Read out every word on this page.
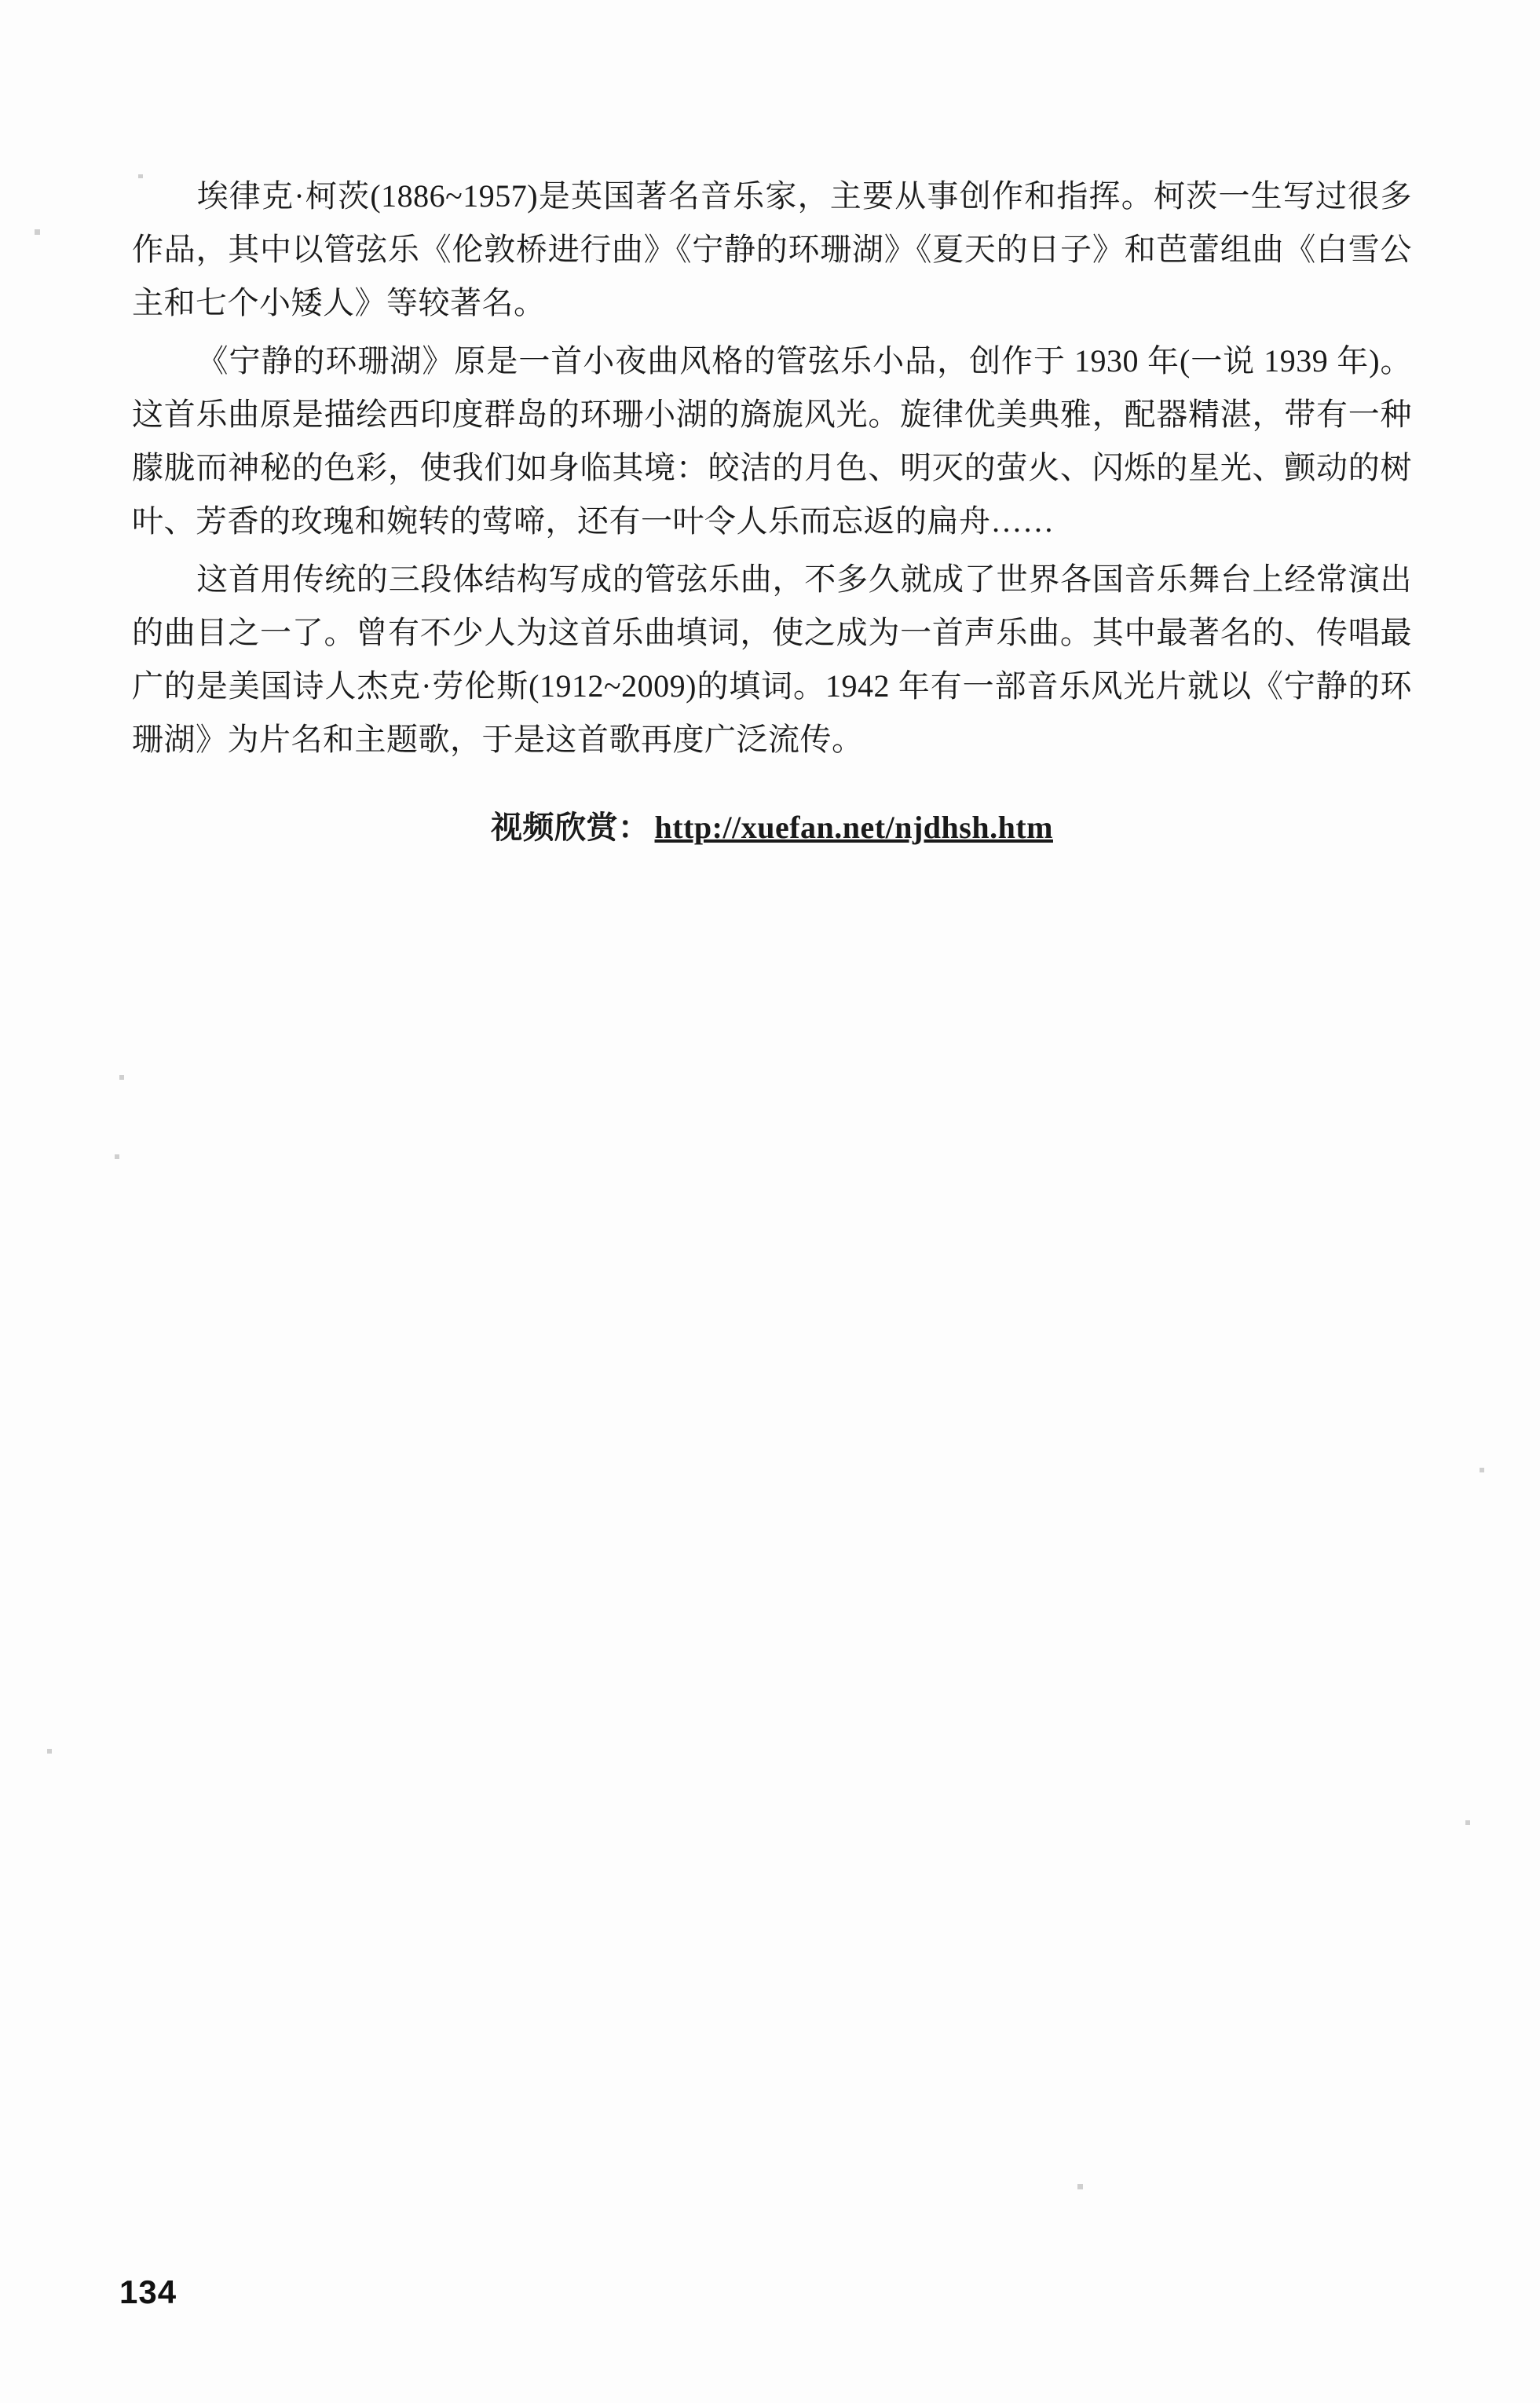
埃律克·柯茨(1886~1957)是英国著名音乐家，主要从事创作和指挥。柯茨一生写过很多作品，其中以管弦乐《伦敦桥进行曲》《宁静的环珊湖》《夏天的日子》和芭蕾组曲《白雪公主和七个小矮人》等较著名。

《宁静的环珊湖》原是一首小夜曲风格的管弦乐小品，创作于 1930 年(一说 1939 年)。这首乐曲原是描绘西印度群岛的环珊小湖的旖旎风光。旋律优美典雅，配器精湛，带有一种朦胧而神秘的色彩，使我们如身临其境：皎洁的月色、明灭的萤火、闪烁的星光、颤动的树叶、芳香的玫瑰和婉转的莺啼，还有一叶令人乐而忘返的扁舟……

这首用传统的三段体结构写成的管弦乐曲，不多久就成了世界各国音乐舞台上经常演出的曲目之一了。曾有不少人为这首乐曲填词，使之成为一首声乐曲。其中最著名的、传唱最广的是美国诗人杰克·劳伦斯(1912~2009)的填词。1942 年有一部音乐风光片就以《宁静的环珊湖》为片名和主题歌，于是这首歌再度广泛流传。

视频欣赏： http://xuefan.net/njdhsh.htm
134
